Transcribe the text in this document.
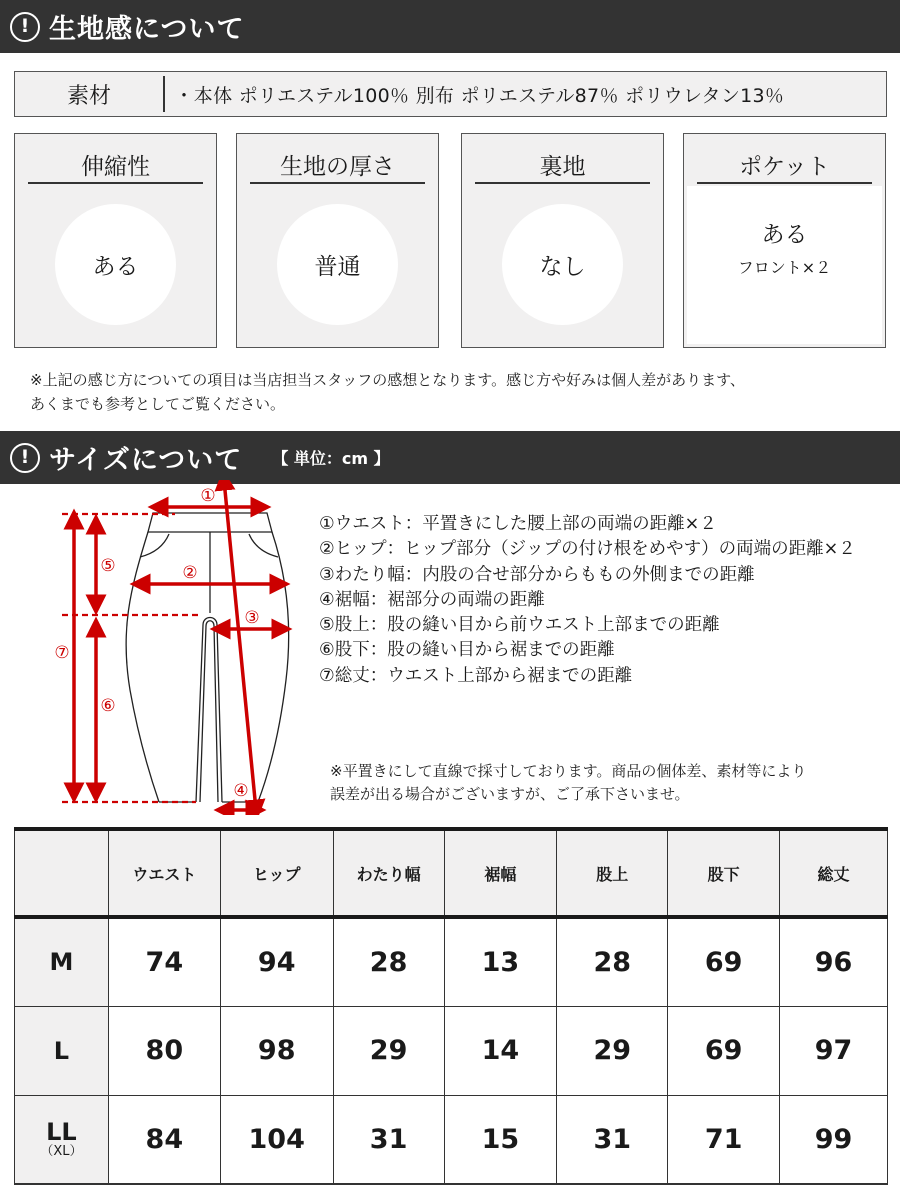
! 生地感について
素材	・本体 ポリエステル100％ 別布 ポリエステル87％ ポリウレタン13％
伸縮性
ある
生地の厚さ
普通
裏地
なし
ポケット
ある
フロント×２
※上記の感じ方についての項目は当店担当スタッフの感想となります。感じ方や好みは個人差があります、
あくまでも参考としてご覧ください。
! サイズについて 【 単位：cm 】
①
②
③
④
⑤
⑥
⑦
①ウエスト：平置きにした腰上部の両端の距離×２
②ヒップ：ヒップ部分（ジップの付け根をめやす）の両端の距離×２
③わたり幅：内股の合せ部分からももの外側までの距離
④裾幅：裾部分の両端の距離
⑤股上：股の縫い目から前ウエスト上部までの距離
⑥股下：股の縫い目から裾までの距離
⑦総丈：ウエスト上部から裾までの距離
※平置きにして直線で採寸しております。商品の個体差、素材等により
誤差が出る場合がございますが、ご了承下さいませ。
	ウエスト	ヒップ	わたり幅	裾幅	股上	股下	総丈
M	74	94	28	13	28	69	96
L	80	98	29	14	29	69	97

LL
（XL）	84	104	31	15	31	71	99
